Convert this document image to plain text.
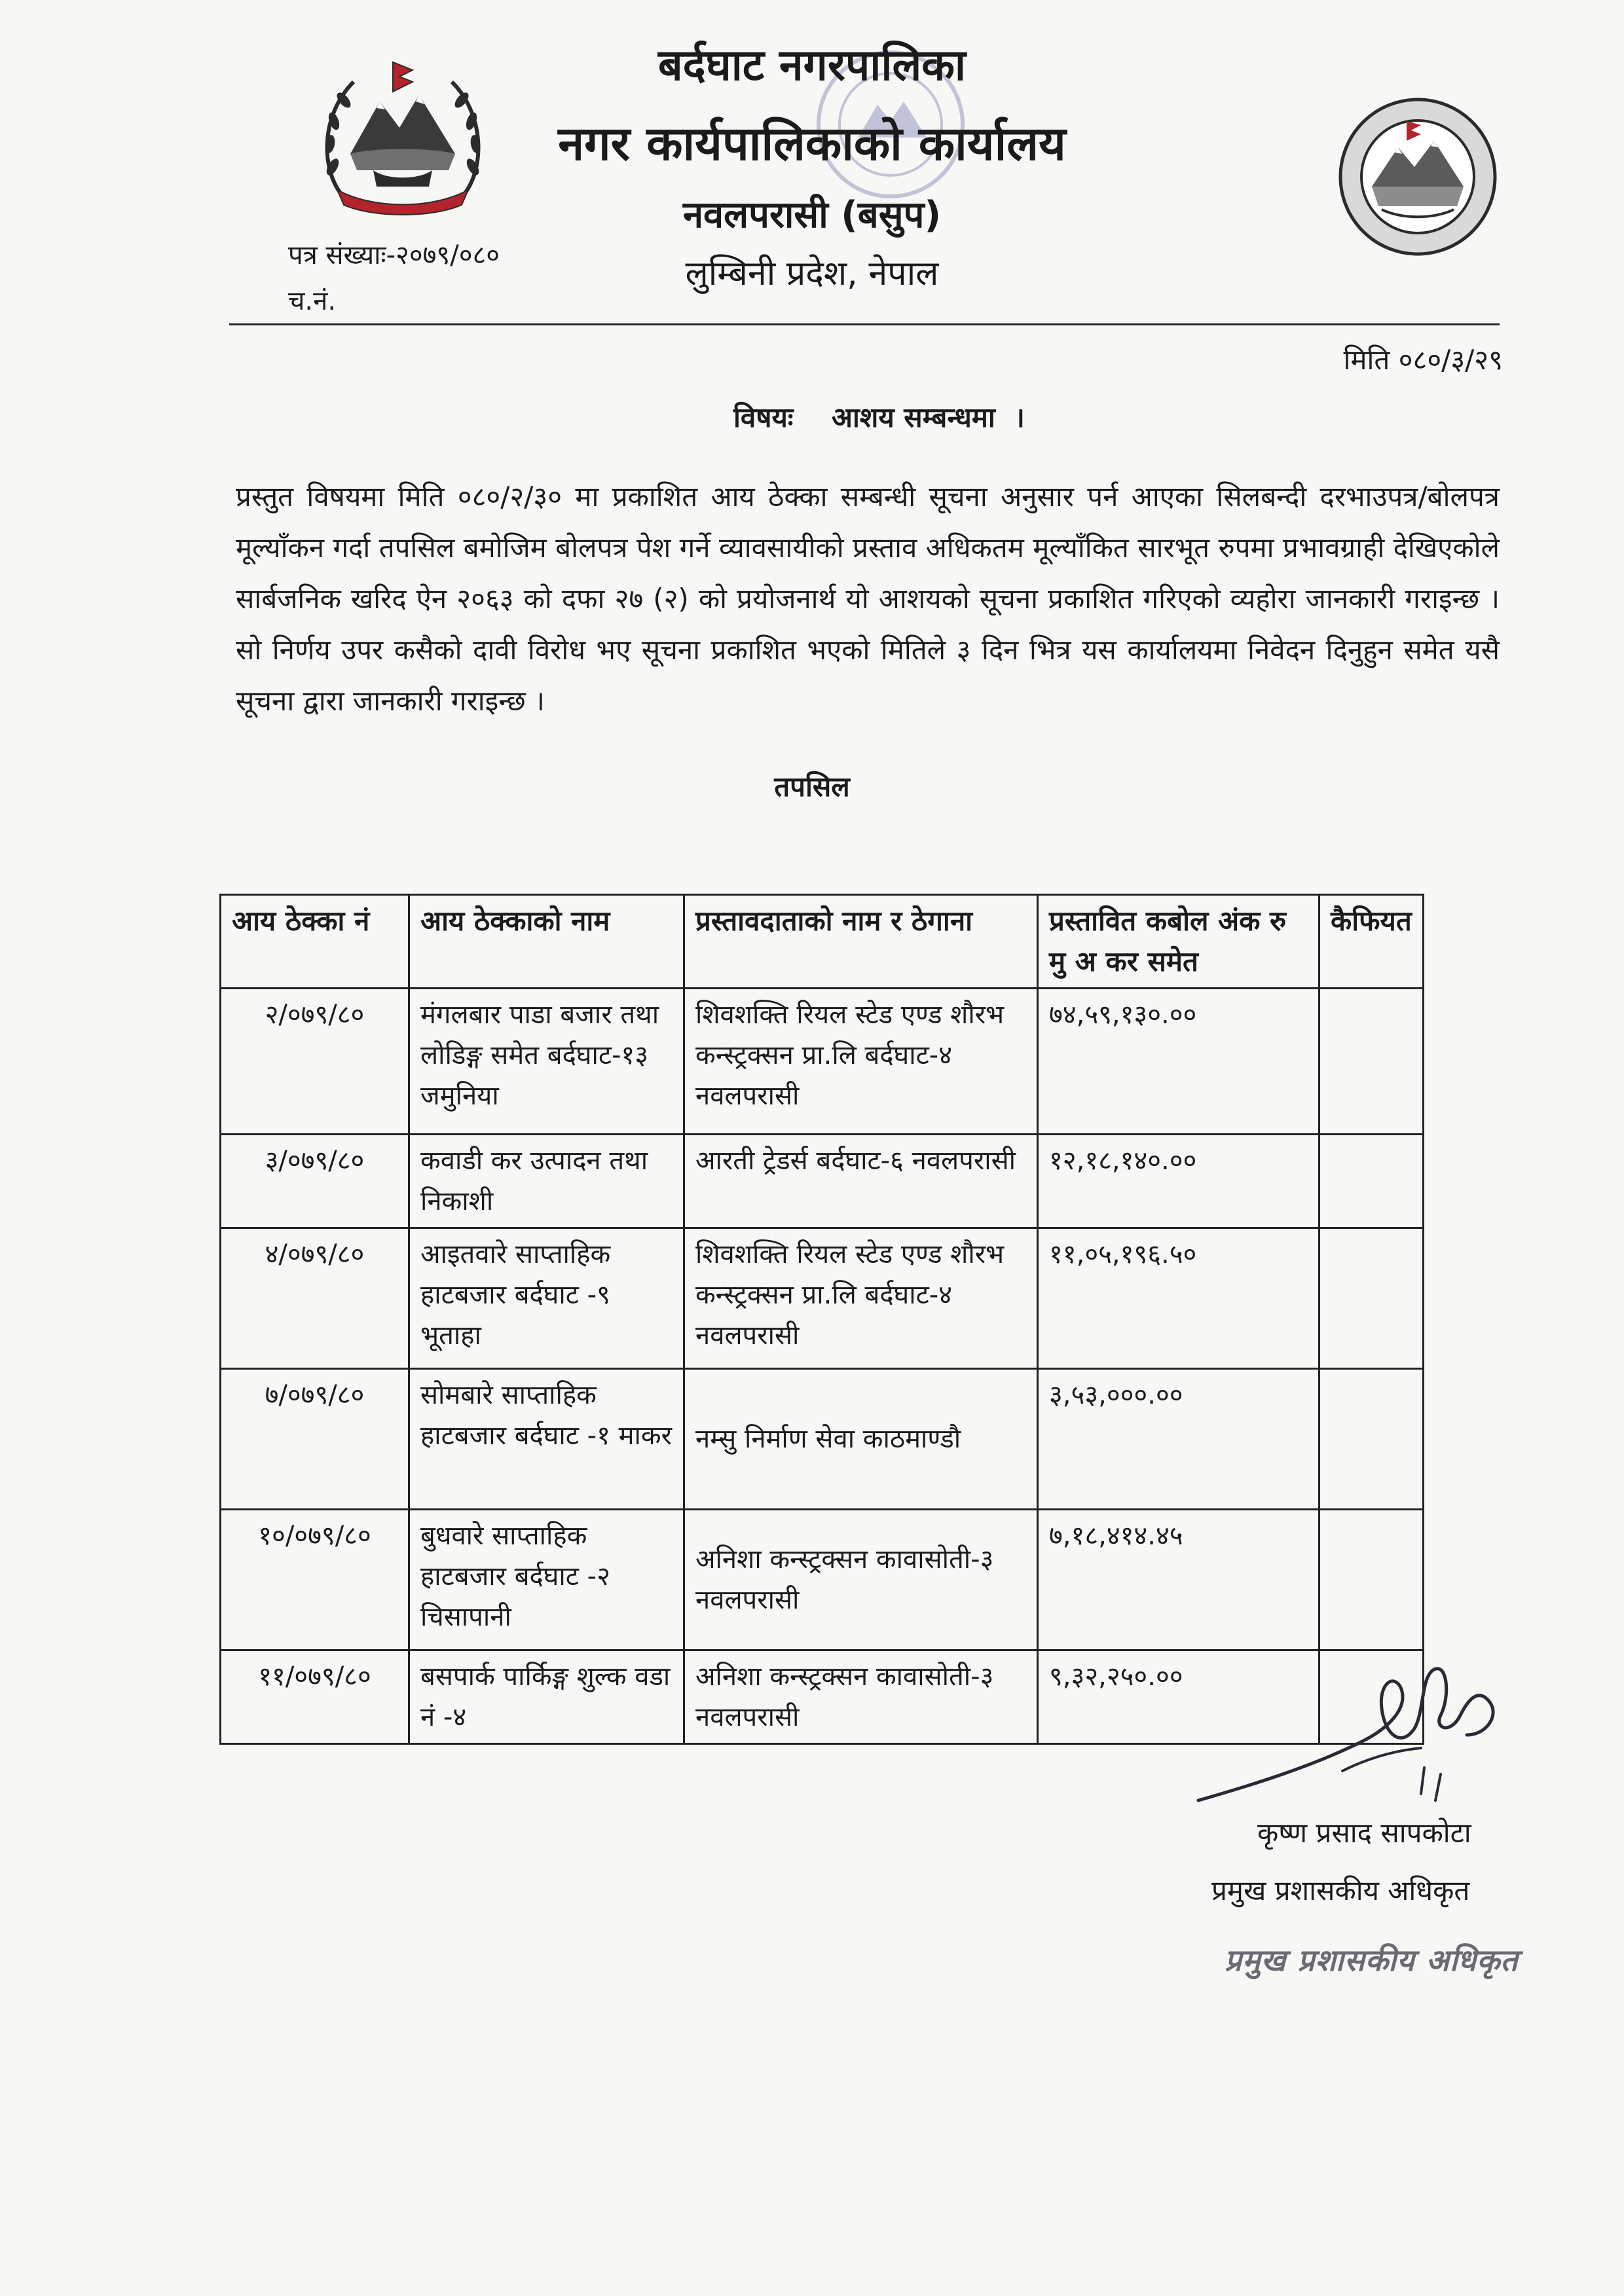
बर्दघाट नगरपालिका
नगर कार्यपालिकाको कार्यालय
नवलपरासी (बसुप)
लुम्बिनी प्रदेश, नेपाल
पत्र संख्याः-२०७९/०८०
च.नं.
मिति ०८०/३/२९
विषयः    आशय सम्बन्धमा  ।
प्रस्तुत विषयमा मिति ०८०/२/३० मा प्रकाशित आय ठेक्का सम्बन्धी सूचना अनुसार पर्न आएका सिलबन्दी दरभाउपत्र/बोलपत्र मूल्याँकन गर्दा तपसिल बमोजिम बोलपत्र पेश गर्ने व्यावसायीको प्रस्ताव अधिकतम मूल्याँकित सारभूत रुपमा प्रभावग्राही देखिएकोले सार्बजनिक खरिद ऐन २०६३ को दफा २७ (२) को प्रयोजनार्थ यो आशयको सूचना प्रकाशित गरिएको व्यहोरा जानकारी गराइन्छ । सो निर्णय उपर कसैको दावी विरोध भए सूचना प्रकाशित भएको मितिले ३ दिन भित्र यस कार्यालयमा निवेदन दिनुहुन समेत यसै सूचना द्वारा जानकारी गराइन्छ ।
तपसिल
आय ठेक्का नं	आय ठेक्काको नाम	प्रस्तावदाताको नाम र ठेगाना	प्रस्तावित कबोल अंक रु मु अ कर समेत	कैफियत
२/०७९/८०	मंगलबार पाडा बजार तथा लोडिङ्ग समेत बर्दघाट-१३ जमुनिया	शिवशक्ति रियल स्टेड एण्ड शौरभ कन्स्ट्रक्सन प्रा.लि बर्दघाट-४ नवलपरासी	७४,५९,१३०.००	
३/०७९/८०	कवाडी कर उत्पादन तथा निकाशी	आरती ट्रेडर्स बर्दघाट-६ नवलपरासी	१२,१८,१४०.००	
४/०७९/८०	आइतवारे साप्ताहिक हाटबजार बर्दघाट -९ भूताहा	शिवशक्ति रियल स्टेड एण्ड शौरभ कन्स्ट्रक्सन प्रा.लि बर्दघाट-४ नवलपरासी	११,०५,१९६.५०	
७/०७९/८०	सोमबारे साप्ताहिक हाटबजार बर्दघाट -१ माकर	नम्सु निर्माण सेवा काठमाण्डौ	३,५३,०००.००	
१०/०७९/८०	बुधवारे साप्ताहिक हाटबजार बर्दघाट -२ चिसापानी	अनिशा कन्स्ट्रक्सन कावासोती-३ नवलपरासी	७,१८,४१४.४५	
११/०७९/८०	बसपार्क पार्किङ्ग शुल्क वडा नं -४	अनिशा कन्स्ट्रक्सन कावासोती-३ नवलपरासी	९,३२,२५०.००	
कृष्ण प्रसाद सापकोटा
प्रमुख प्रशासकीय अधिकृत
प्रमुख प्रशासकीय अधिकृत
